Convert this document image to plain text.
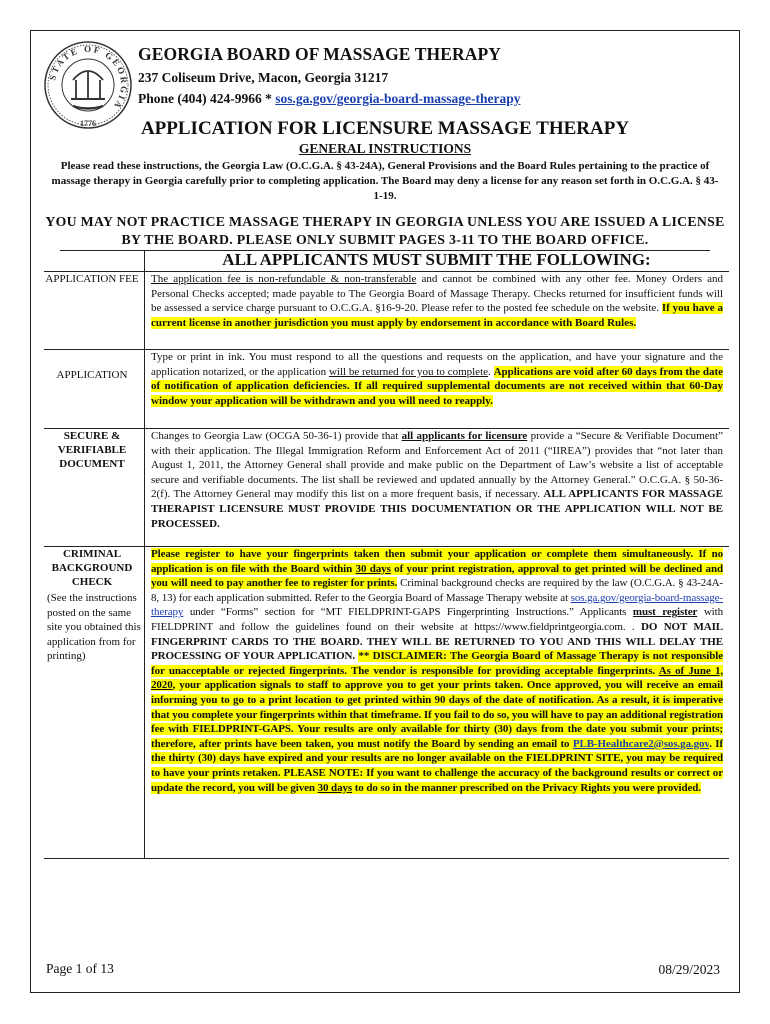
STATE OF GEORGIA
1776
GEORGIA BOARD OF MASSAGE THERAPY
237 Coliseum Drive, Macon, Georgia 31217
Phone (404) 424-9966 * sos.ga.gov/georgia-board-massage-therapy
APPLICATION FOR LICENSURE MASSAGE THERAPY
GENERAL INSTRUCTIONS
Please read these instructions, the Georgia Law (O.C.G.A. § 43-24A), General Provisions and the Board Rules pertaining to the practice of massage therapy in Georgia carefully prior to completing application. The Board may deny a license for any reason set forth in O.C.G.A. § 43-1-19.
YOU MAY NOT PRACTICE MASSAGE THERAPY IN GEORGIA UNLESS YOU ARE ISSUED A LICENSE BY THE BOARD. PLEASE ONLY SUBMIT PAGES 3-11 TO THE BOARD OFFICE.
ALL APPLICANTS MUST SUBMIT THE FOLLOWING:
APPLICATION FEE The application fee is non-refundable & non-transferable and cannot be combined with any other fee. Money Orders and Personal Checks accepted; made payable to The Georgia Board of Massage Therapy. Checks returned for insufficient funds will be assessed a service charge pursuant to O.C.G.A. §16-9-20. Please refer to the posted fee schedule on the website. If you have a current license in another jurisdiction you must apply by endorsement in accordance with Board Rules.
APPLICATION
Type or print in ink. You must respond to all the questions and requests on the application, and have your signature and the application notarized, or the application will be returned for you to complete. Applications are void after 60 days from the date of notification of application deficiencies. If all required supplemental documents are not received within that 60-Day window your application will be withdrawn and you will need to reapply.
SECURE & VERIFIABLE DOCUMENT
Changes to Georgia Law (OCGA 50-36-1) provide that all applicants for licensure provide a “Secure & Verifiable Document” with their application. The Illegal Immigration Reform and Enforcement Act of 2011 (“IIREA”) provides that “not later than August 1, 2011, the Attorney General shall provide and make public on the Department of Law’s website a list of acceptable secure and verifiable documents. The list shall be reviewed and updated annually by the Attorney General.” O.C.G.A. § 50-36-2(f). The Attorney General may modify this list on a more frequent basis, if necessary. ALL APPLICANTS FOR MASSAGE THERAPIST LICENSURE MUST PROVIDE THIS DOCUMENTATION OR THE APPLICATION WILL NOT BE PROCESSED.
CRIMINAL BACKGROUND CHECK
(See the instructions posted on the same site you obtained this application from for printing)
Please register to have your fingerprints taken then submit your application or complete them simultaneously. If no application is on file with the Board within 30 days of your print registration, approval to get printed will be declined and you will need to pay another fee to register for prints. Criminal background checks are required by the law (O.C.G.A. § 43-24A-8, 13) for each application submitted. Refer to the Georgia Board of Massage Therapy website at sos.ga.gov/georgia-board-massage-therapy under “Forms” section for “MT FIELDPRINT-GAPS Fingerprinting Instructions.” Applicants must register with FIELDPRINT and follow the guidelines found on their website at https://www.fieldprintgeorgia.com. . DO NOT MAIL FINGERPRINT CARDS TO THE BOARD. THEY WILL BE RETURNED TO YOU AND THIS WILL DELAY THE PROCESSING OF YOUR APPLICATION. ** DISCLAIMER: The Georgia Board of Massage Therapy is not responsible for unacceptable or rejected fingerprints. The vendor is responsible for providing acceptable fingerprints. As of June 1, 2020, your application signals to staff to approve you to get your prints taken. Once approved, you will receive an email informing you to go to a print location to get printed within 90 days of the date of notification. As a result, it is imperative that you complete your fingerprints within that timeframe. If you fail to do so, you will have to pay an additional registration fee with FIELDPRINT-GAPS. Your results are only available for thirty (30) days from the date you submit your prints; therefore, after prints have been taken, you must notify the Board by sending an email to PLB-Healthcare2@sos.ga.gov. If the thirty (30) days have expired and your results are no longer available on the FIELDPRINT SITE, you may be required to have your prints retaken. PLEASE NOTE: If you want to challenge the accuracy of the background results or correct or update the record, you will be given 30 days to do so in the manner prescribed on the Privacy Rights you were provided.
Page 1 of 13	08/29/2023
